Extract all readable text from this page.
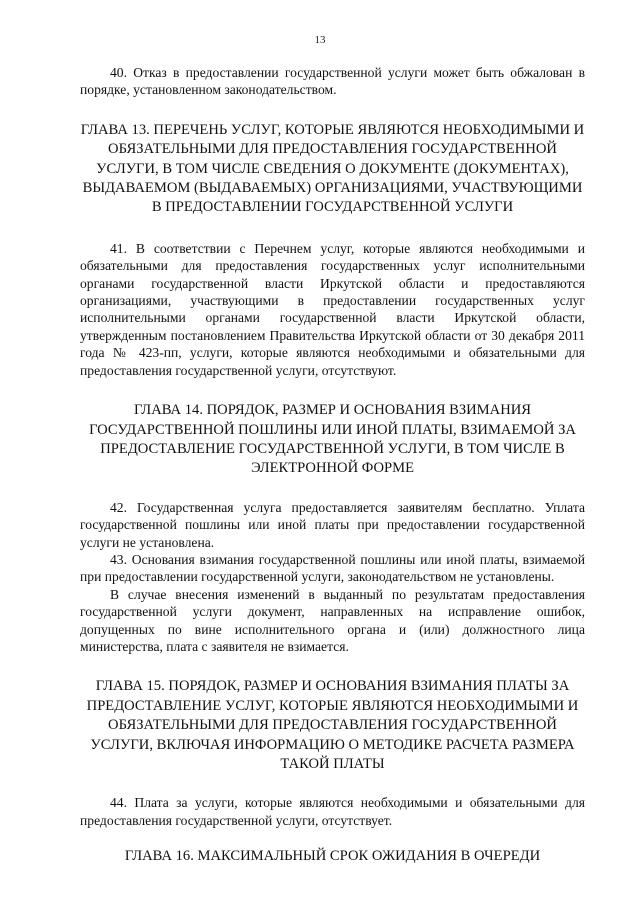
13

40. Отказ в предоставлении государственной услуги может быть обжалован в порядке, установленном законодательством.

ГЛАВА 13. ПЕРЕЧЕНЬ УСЛУГ, КОТОРЫЕ ЯВЛЯЮТСЯ НЕОБХОДИМЫМИ И ОБЯЗАТЕЛЬНЫМИ ДЛЯ ПРЕДОСТАВЛЕНИЯ ГОСУДАРСТВЕННОЙ УСЛУГИ, В ТОМ ЧИСЛЕ СВЕДЕНИЯ О ДОКУМЕНТЕ (ДОКУМЕНТАХ), ВЫДАВАЕМОМ (ВЫДАВАЕМЫХ) ОРГАНИЗАЦИЯМИ, УЧАСТВУЮЩИМИ В ПРЕДОСТАВЛЕНИИ ГОСУДАРСТВЕННОЙ УСЛУГИ

41. В соответствии с Перечнем услуг, которые являются необходимыми и обязательными для предоставления государственных услуг исполнительными органами государственной власти Иркутской области и предоставляются организациями, участвующими в предоставлении государственных услуг исполнительными органами государственной власти Иркутской области, утвержденным постановлением Правительства Иркутской области от 30 декабря 2011 года № 423-пп, услуги, которые являются необходимыми и обязательными для предоставления государственной услуги, отсутствуют.

ГЛАВА 14. ПОРЯДОК, РАЗМЕР И ОСНОВАНИЯ ВЗИМАНИЯ ГОСУДАРСТВЕННОЙ ПОШЛИНЫ ИЛИ ИНОЙ ПЛАТЫ, ВЗИМАЕМОЙ ЗА ПРЕДОСТАВЛЕНИЕ ГОСУДАРСТВЕННОЙ УСЛУГИ, В ТОМ ЧИСЛЕ В ЭЛЕКТРОННОЙ ФОРМЕ

42. Государственная услуга предоставляется заявителям бесплатно. Уплата государственной пошлины или иной платы при предоставлении государственной услуги не установлена.

43. Основания взимания государственной пошлины или иной платы, взимаемой при предоставлении государственной услуги, законодательством не установлены.

В случае внесения изменений в выданный по результатам предоставления государственной услуги документ, направленных на исправление ошибок, допущенных по вине исполнительного органа и (или) должностного лица министерства, плата с заявителя не взимается.

ГЛАВА 15. ПОРЯДОК, РАЗМЕР И ОСНОВАНИЯ ВЗИМАНИЯ ПЛАТЫ ЗА ПРЕДОСТАВЛЕНИЕ УСЛУГ, КОТОРЫЕ ЯВЛЯЮТСЯ НЕОБХОДИМЫМИ И ОБЯЗАТЕЛЬНЫМИ ДЛЯ ПРЕДОСТАВЛЕНИЯ ГОСУДАРСТВЕННОЙ УСЛУГИ, ВКЛЮЧАЯ ИНФОРМАЦИЮ О МЕТОДИКЕ РАСЧЕТА РАЗМЕРА ТАКОЙ ПЛАТЫ

44. Плата за услуги, которые являются необходимыми и обязательными для предоставления государственной услуги, отсутствует.

ГЛАВА 16. МАКСИМАЛЬНЫЙ СРОК ОЖИДАНИЯ В ОЧЕРЕДИ
